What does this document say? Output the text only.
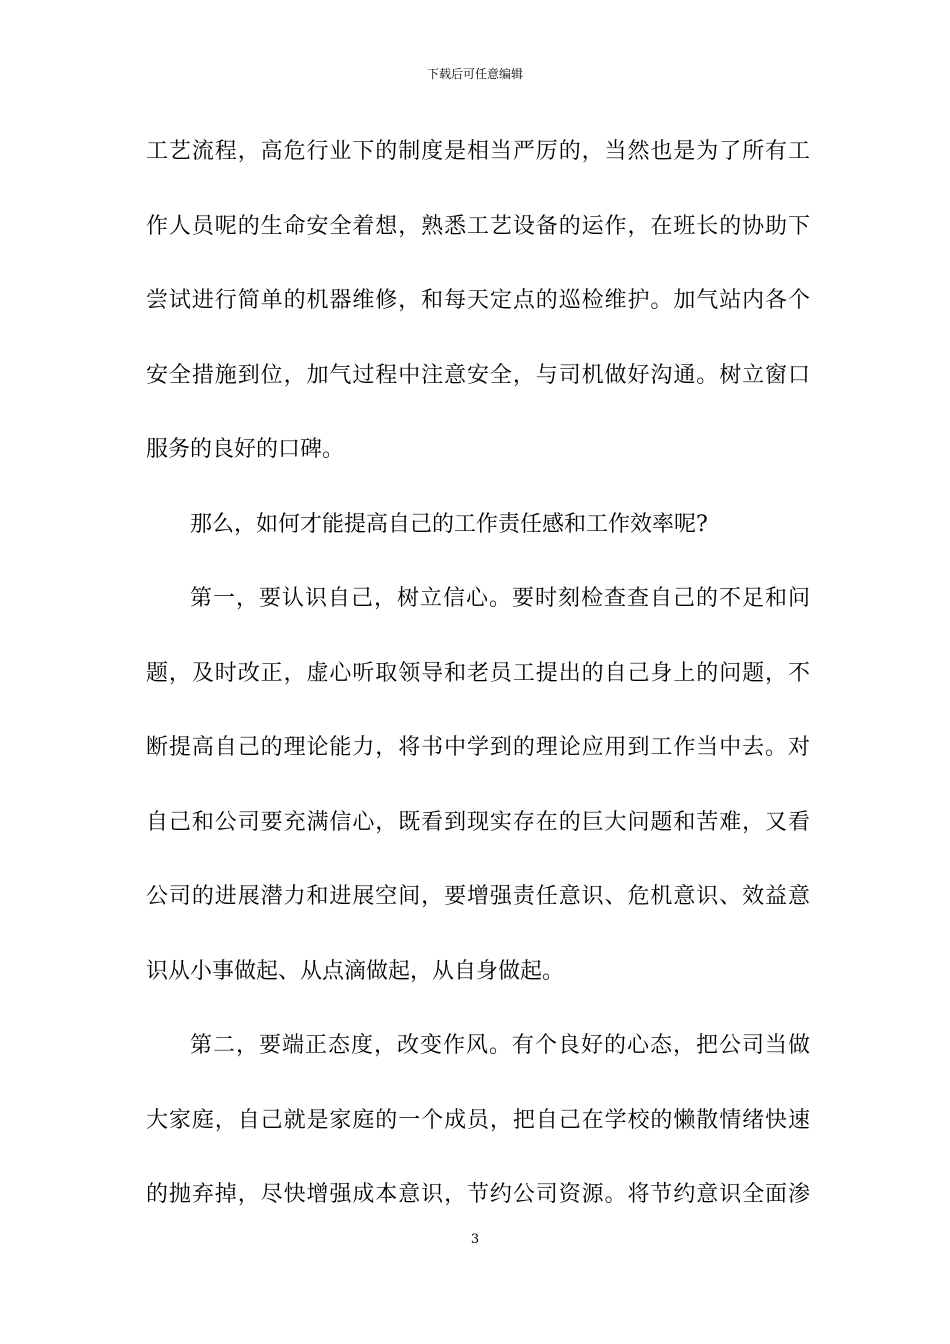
下载后可任意编辑
工艺流程，高危行业下的制度是相当严厉的，当然也是为了所有工
作人员呢的生命安全着想，熟悉工艺设备的运作，在班长的协助下
尝试进行简单的机器维修，和每天定点的巡检维护。加气站内各个
安全措施到位，加气过程中注意安全，与司机做好沟通。树立窗口
服务的良好的口碑。
那么，如何才能提高自己的工作责任感和工作效率呢?
第一，要认识自己，树立信心。要时刻检查查自己的不足和问
题，及时改正，虚心听取领导和老员工提出的自己身上的问题，不
断提高自己的理论能力，将书中学到的理论应用到工作当中去。对
自己和公司要充满信心，既看到现实存在的巨大问题和苦难，又看
公司的进展潜力和进展空间，要增强责任意识、危机意识、效益意
识从小事做起、从点滴做起，从自身做起。
第二，要端正态度，改变作风。有个良好的心态，把公司当做
大家庭，自己就是家庭的一个成员，把自己在学校的懒散情绪快速
的抛弃掉，尽快增强成本意识，节约公司资源。将节约意识全面渗
3
